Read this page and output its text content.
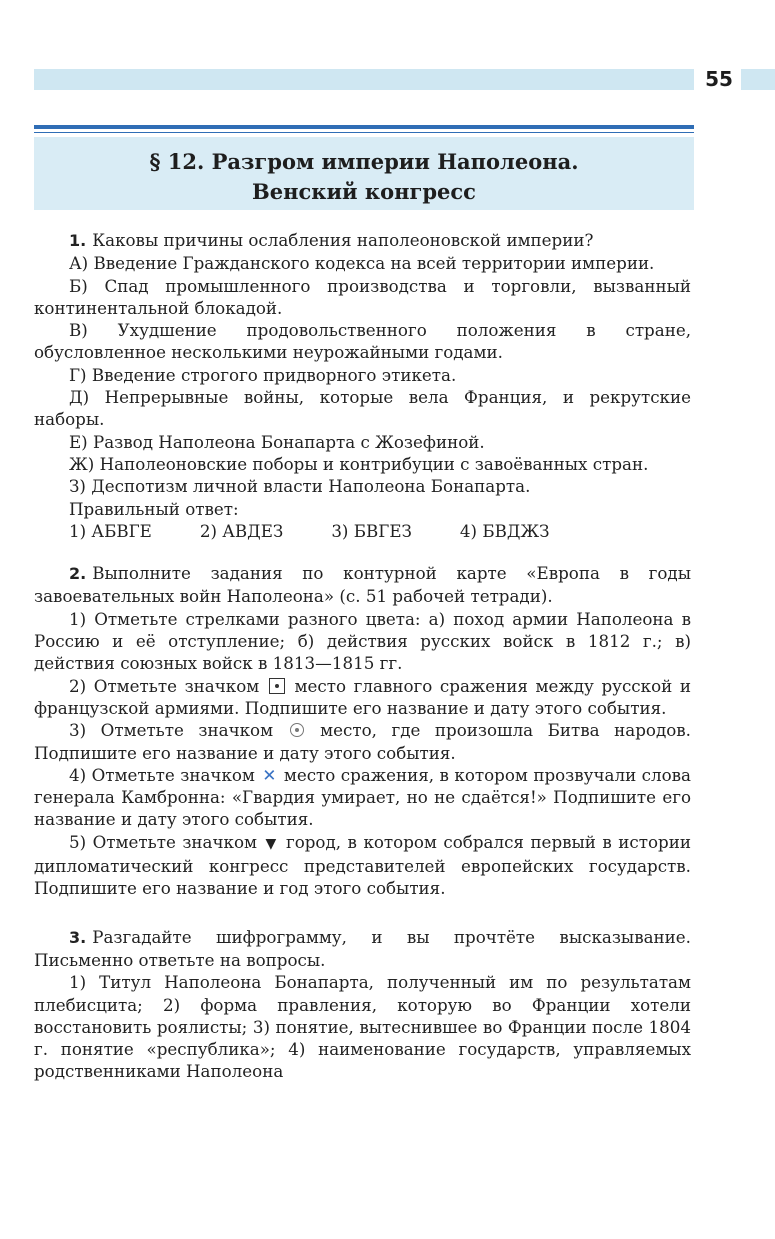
55
§ 12. Разгром империи Наполеона.
Венский конгресс

1. Каковы причины ослабления наполеоновской империи?

А) Введение Гражданского кодекса на всей территории империи.

Б) Спад промышленного производства и торговли, вызванный континентальной блокадой.

В) Ухудшение продовольственного положения в стране, обусловленное несколькими неурожайными годами.

Г) Введение строгого придворного этикета.

Д) Непрерывные войны, которые вела Франция, и рекрутские наборы.

Е) Развод Наполеона Бонапарта с Жозефиной.

Ж) Наполеоновские поборы и контрибуции с завоёванных стран.

З) Деспотизм личной власти Наполеона Бонапарта.

Правильный ответ:

1) АБВГЕ	2) АВДЕЗ	3) БВГЕЗ	4) БВДЖЗ

2. Выполните задания по контурной карте «Европа в годы завоевательных войн Наполеона» (с. 51 рабочей тетради).

1) Отметьте стрелками разного цвета: а) поход армии Наполеона в Россию и её отступление; б) действия русских войск в 1812 г.; в) действия союзных войск в 1813—1815 гг.

2) Отметьте значком место главного сражения между русской и французской армиями. Подпишите его название и дату этого события.

3) Отметьте значком	место, где произошла Битва народов. Подпишите его название и дату этого события.

4) Отметьте значком ✕ место сражения, в котором прозвучали слова генерала Камбронна: «Гвардия умирает, но не сдаётся!» Подпишите его название и дату этого события.

5) Отметьте значком ▼ город, в котором собрался первый в истории дипломатический конгресс представителей европейских государств. Подпишите его название и год этого события.

3. Разгадайте шифрограмму, и вы прочтёте высказывание. Письменно ответьте на вопросы.

1) Титул Наполеона Бонапарта, полученный им по результатам плебисцита; 2) форма правления, которую во Франции хотели восстановить роялисты; 3) понятие, вытеснившее во Франции после 1804 г. понятие «республика»; 4) наименование государств, управляемых родственниками Наполеона
